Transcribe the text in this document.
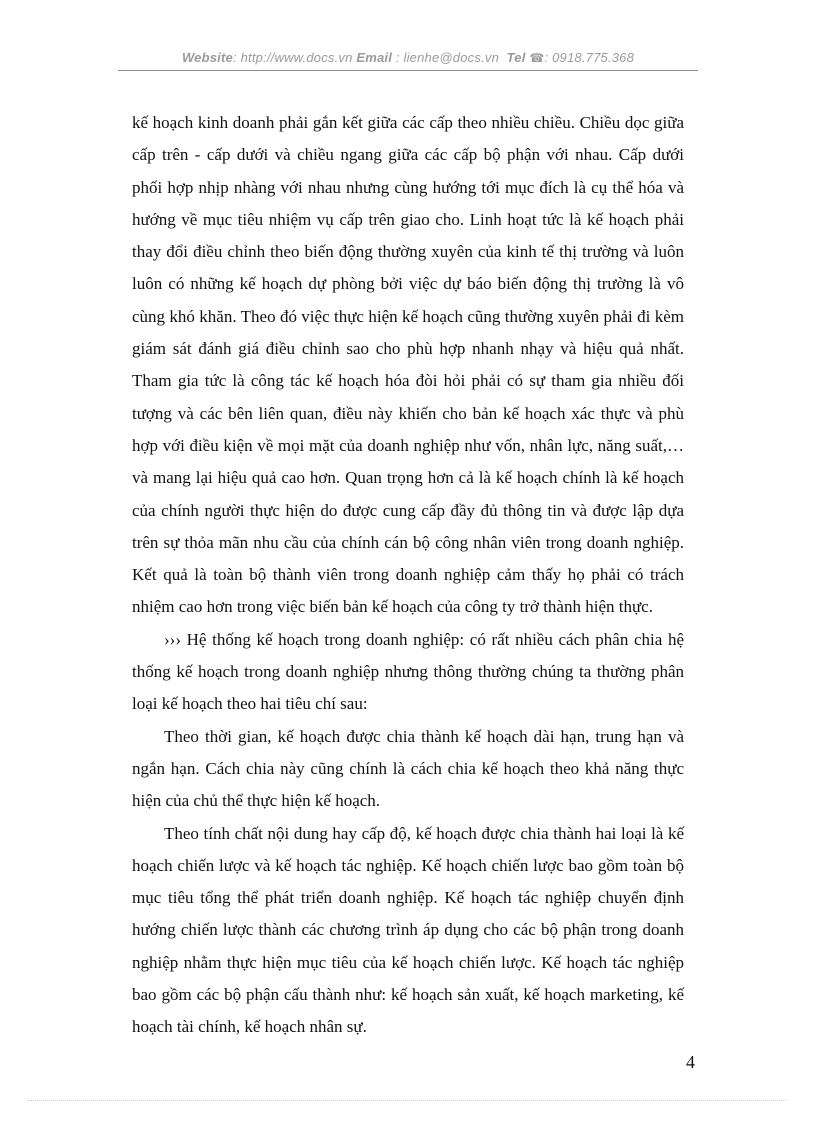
Website: http://www.docs.vn Email : lienhe@docs.vn Tel ☎: 0918.775.368

kế hoạch kinh doanh phải gắn kết giữa các cấp theo nhiều chiều. Chiều dọc giữa cấp trên - cấp dưới và chiều ngang giữa các cấp bộ phận với nhau. Cấp dưới phối hợp nhịp nhàng với nhau nhưng cùng hướng tới mục đích là cụ thể hóa và hướng về mục tiêu nhiệm vụ cấp trên giao cho. Linh hoạt tức là kế hoạch phải thay đổi điều chỉnh theo biến động thường xuyên của kinh tế thị trường và luôn luôn có những kế hoạch dự phòng bởi việc dự báo biến động thị trường là vô cùng khó khăn. Theo đó việc thực hiện kế hoạch cũng thường xuyên phải đi kèm giám sát đánh giá điều chỉnh sao cho phù hợp nhanh nhạy và hiệu quả nhất. Tham gia tức là công tác kế hoạch hóa đòi hỏi phải có sự tham gia nhiều đối tượng và các bên liên quan, điều này khiến cho bản kế hoạch xác thực và phù hợp với điều kiện về mọi mặt của doanh nghiệp như vốn, nhân lực, năng suất,…và mang lại hiệu quả cao hơn. Quan trọng hơn cả là kế hoạch chính là kế hoạch của chính người thực hiện do được cung cấp đầy đủ thông tin và được lập dựa trên sự thỏa mãn nhu cầu của chính cán bộ công nhân viên trong doanh nghiệp. Kết quả là toàn bộ thành viên trong doanh nghiệp cảm thấy họ phải có trách nhiệm cao hơn trong việc biến bản kế hoạch của công ty trở thành hiện thực.

››› Hệ thống kế hoạch trong doanh nghiệp: có rất nhiều cách phân chia hệ thống kế hoạch trong doanh nghiệp nhưng thông thường chúng ta thường phân loại kế hoạch theo hai tiêu chí sau:

Theo thời gian, kế hoạch được chia thành kế hoạch dài hạn, trung hạn và ngắn hạn. Cách chia này cũng chính là cách chia kế hoạch theo khả năng thực hiện của chủ thể thực hiện kế hoạch.

Theo tính chất nội dung hay cấp độ, kế hoạch được chia thành hai loại là kế hoạch chiến lược và kế hoạch tác nghiệp. Kế hoạch chiến lược bao gồm toàn bộ mục tiêu tổng thể phát triển doanh nghiệp. Kế hoạch tác nghiệp chuyển định hướng chiến lược thành các chương trình áp dụng cho các bộ phận trong doanh nghiệp nhằm thực hiện mục tiêu của kế hoạch chiến lược. Kế hoạch tác nghiệp bao gồm các bộ phận cấu thành như: kế hoạch sản xuất, kế hoạch marketing, kế hoạch tài chính, kế hoạch nhân sự.

4
